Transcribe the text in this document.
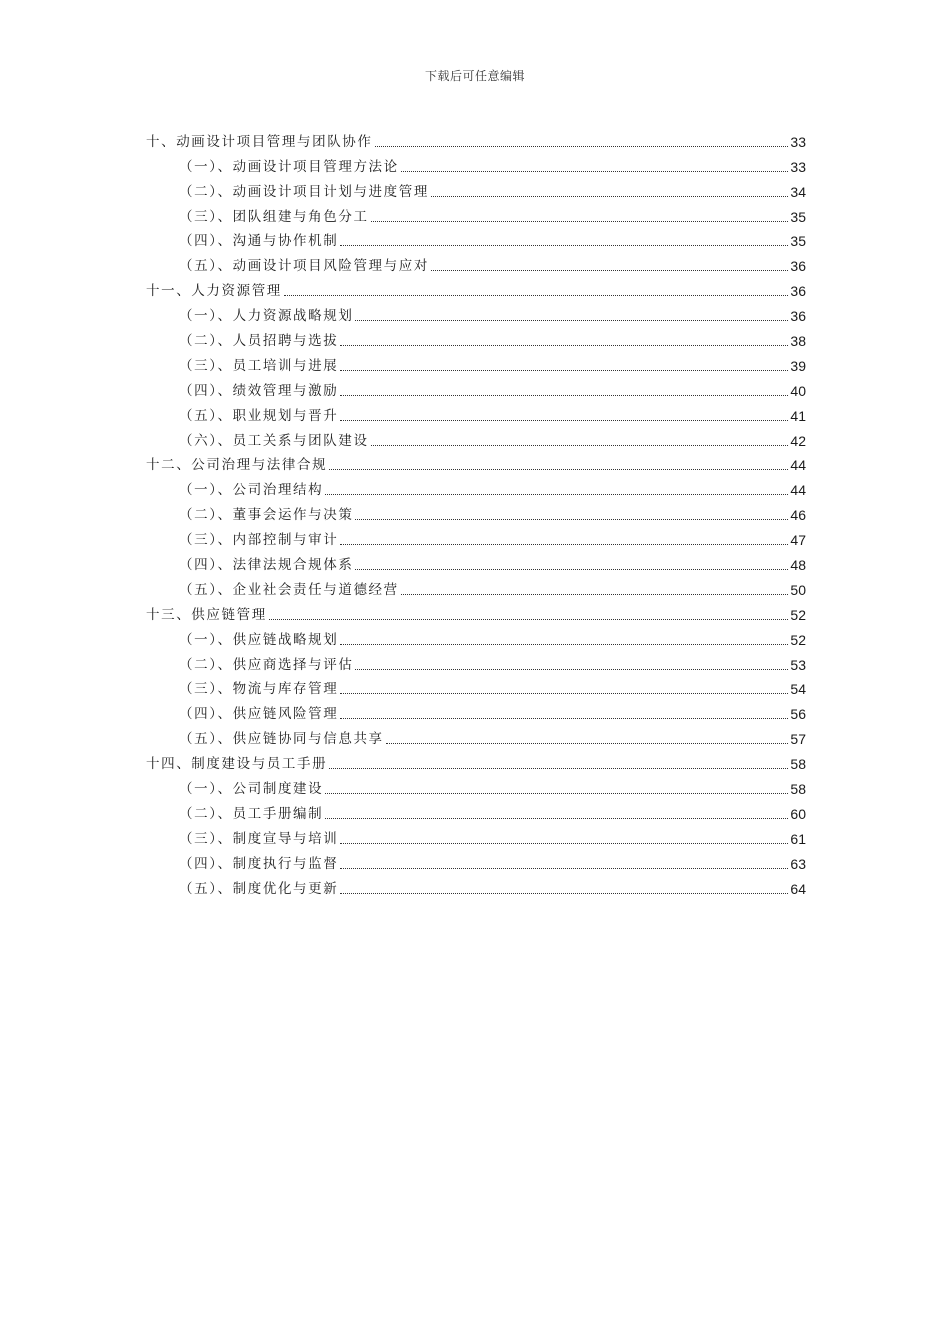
下载后可任意编辑
十、动画设计项目管理与团队协作	33
（一）、动画设计项目管理方法论	33
（二）、动画设计项目计划与进度管理	34
（三）、团队组建与角色分工	35
（四）、沟通与协作机制	35
（五）、动画设计项目风险管理与应对	36
十一、人力资源管理	36
（一）、人力资源战略规划	36
（二）、人员招聘与选拔	38
（三）、员工培训与进展	39
（四）、绩效管理与激励	40
（五）、职业规划与晋升	41
（六）、员工关系与团队建设	42
十二、公司治理与法律合规	44
（一）、公司治理结构	44
（二）、董事会运作与决策	46
（三）、内部控制与审计	47
（四）、法律法规合规体系	48
（五）、企业社会责任与道德经营	50
十三、供应链管理	52
（一）、供应链战略规划	52
（二）、供应商选择与评估	53
（三）、物流与库存管理	54
（四）、供应链风险管理	56
（五）、供应链协同与信息共享	57
十四、制度建设与员工手册	58
（一）、公司制度建设	58
（二）、员工手册编制	60
（三）、制度宣导与培训	61
（四）、制度执行与监督	63
（五）、制度优化与更新	64
